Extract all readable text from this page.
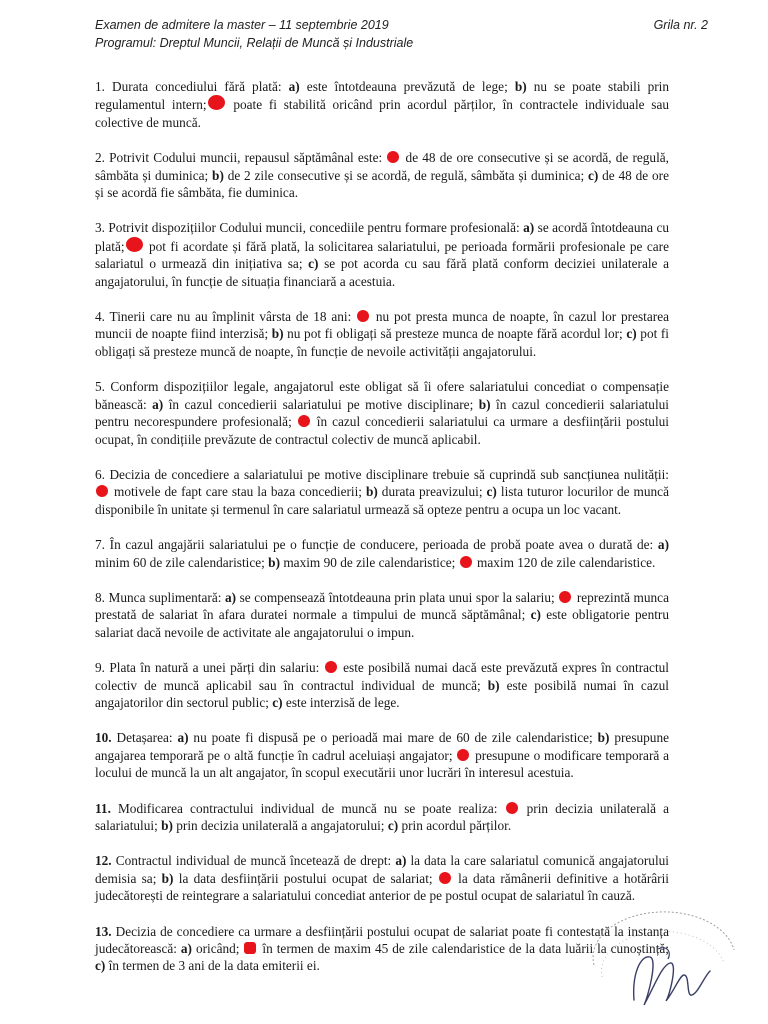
Examen de admitere la master – 11 septembrie 2019
Programul: Dreptul Muncii, Relații de Muncă și Industriale
Grila nr. 2

1. Durata concediului fără plată: a) este întotdeauna prevăzută de lege; b) nu se poate stabili prin regulamentul intern; poate fi stabilită oricând prin acordul părților, în contractele individuale sau colective de muncă.

2. Potrivit Codului muncii, repausul săptămânal este:  de 48 de ore consecutive și se acordă, de regulă, sâmbăta și duminica; b) de 2 zile consecutive și se acordă, de regulă, sâmbăta și duminica; c) de 48 de ore și se acordă fie sâmbăta, fie duminica.

3. Potrivit dispozițiilor Codului muncii, concediile pentru formare profesională: a) se acordă întotdeauna cu plată; pot fi acordate și fără plată, la solicitarea salariatului, pe perioada formării profesionale pe care salariatul o urmează din inițiativa sa; c) se pot acorda cu sau fără plată conform deciziei unilaterale a angajatorului, în funcție de situația financiară a acestuia.

4. Tinerii care nu au împlinit vârsta de 18 ani:  nu pot presta munca de noapte, în cazul lor prestarea muncii de noapte fiind interzisă; b) nu pot fi obligați să presteze munca de noapte fără acordul lor; c) pot fi obligați să presteze muncă de noapte, în funcție de nevoile activității angajatorului.

5. Conform dispozițiilor legale, angajatorul este obligat să îi ofere salariatului concediat o compensație bănească: a) în cazul concedierii salariatului pe motive disciplinare; b) în cazul concedierii salariatului pentru necorespundere profesională;  în cazul concedierii salariatului ca urmare a desființării postului ocupat, în condițiile prevăzute de contractul colectiv de muncă aplicabil.

6. Decizia de concediere a salariatului pe motive disciplinare trebuie să cuprindă sub sancțiunea nulității:  motivele de fapt care stau la baza concedierii; b) durata preavizului; c) lista tuturor locurilor de muncă disponibile în unitate și termenul în care salariatul urmează să opteze pentru a ocupa un loc vacant.

7. În cazul angajării salariatului pe o funcție de conducere, perioada de probă poate avea o durată de: a) minim 60 de zile calendaristice; b) maxim 90 de zile calendaristice;  maxim 120 de zile calendaristice.

8. Munca suplimentară: a) se compensează întotdeauna prin plata unui spor la salariu;  reprezintă munca prestată de salariat în afara duratei normale a timpului de muncă săptămânal; c) este obligatorie pentru salariat dacă nevoile de activitate ale angajatorului o impun.

9. Plata în natură a unei părți din salariu:  este posibilă numai dacă este prevăzută expres în contractul colectiv de muncă aplicabil sau în contractul individual de muncă; b) este posibilă numai în cazul angajatorilor din sectorul public; c) este interzisă de lege.

10. Detașarea: a) nu poate fi dispusă pe o perioadă mai mare de 60 de zile calendaristice; b) presupune angajarea temporară pe o altă funcție în cadrul aceluiași angajator;  presupune o modificare temporară a locului de muncă la un alt angajator, în scopul executării unor lucrări în interesul acestuia.

11. Modificarea contractului individual de muncă nu se poate realiza:  prin decizia unilaterală a salariatului; b) prin decizia unilaterală a angajatorului; c) prin acordul părților.

12. Contractul individual de muncă încetează de drept: a) la data la care salariatul comunică angajatorului demisia sa; b) la data desființării postului ocupat de salariat;  la data rămânerii definitive a hotărârii judecătorești de reintegrare a salariatului concediat anterior de pe postul ocupat de salariatul în cauză.

13. Decizia de concediere ca urmare a desființării postului ocupat de salariat poate fi contestată la instanța judecătorească: a) oricând;  în termen de maxim 45 de zile calendaristice de la data luării la cunoștință; c) în termen de 3 ani de la data emiterii ei.
